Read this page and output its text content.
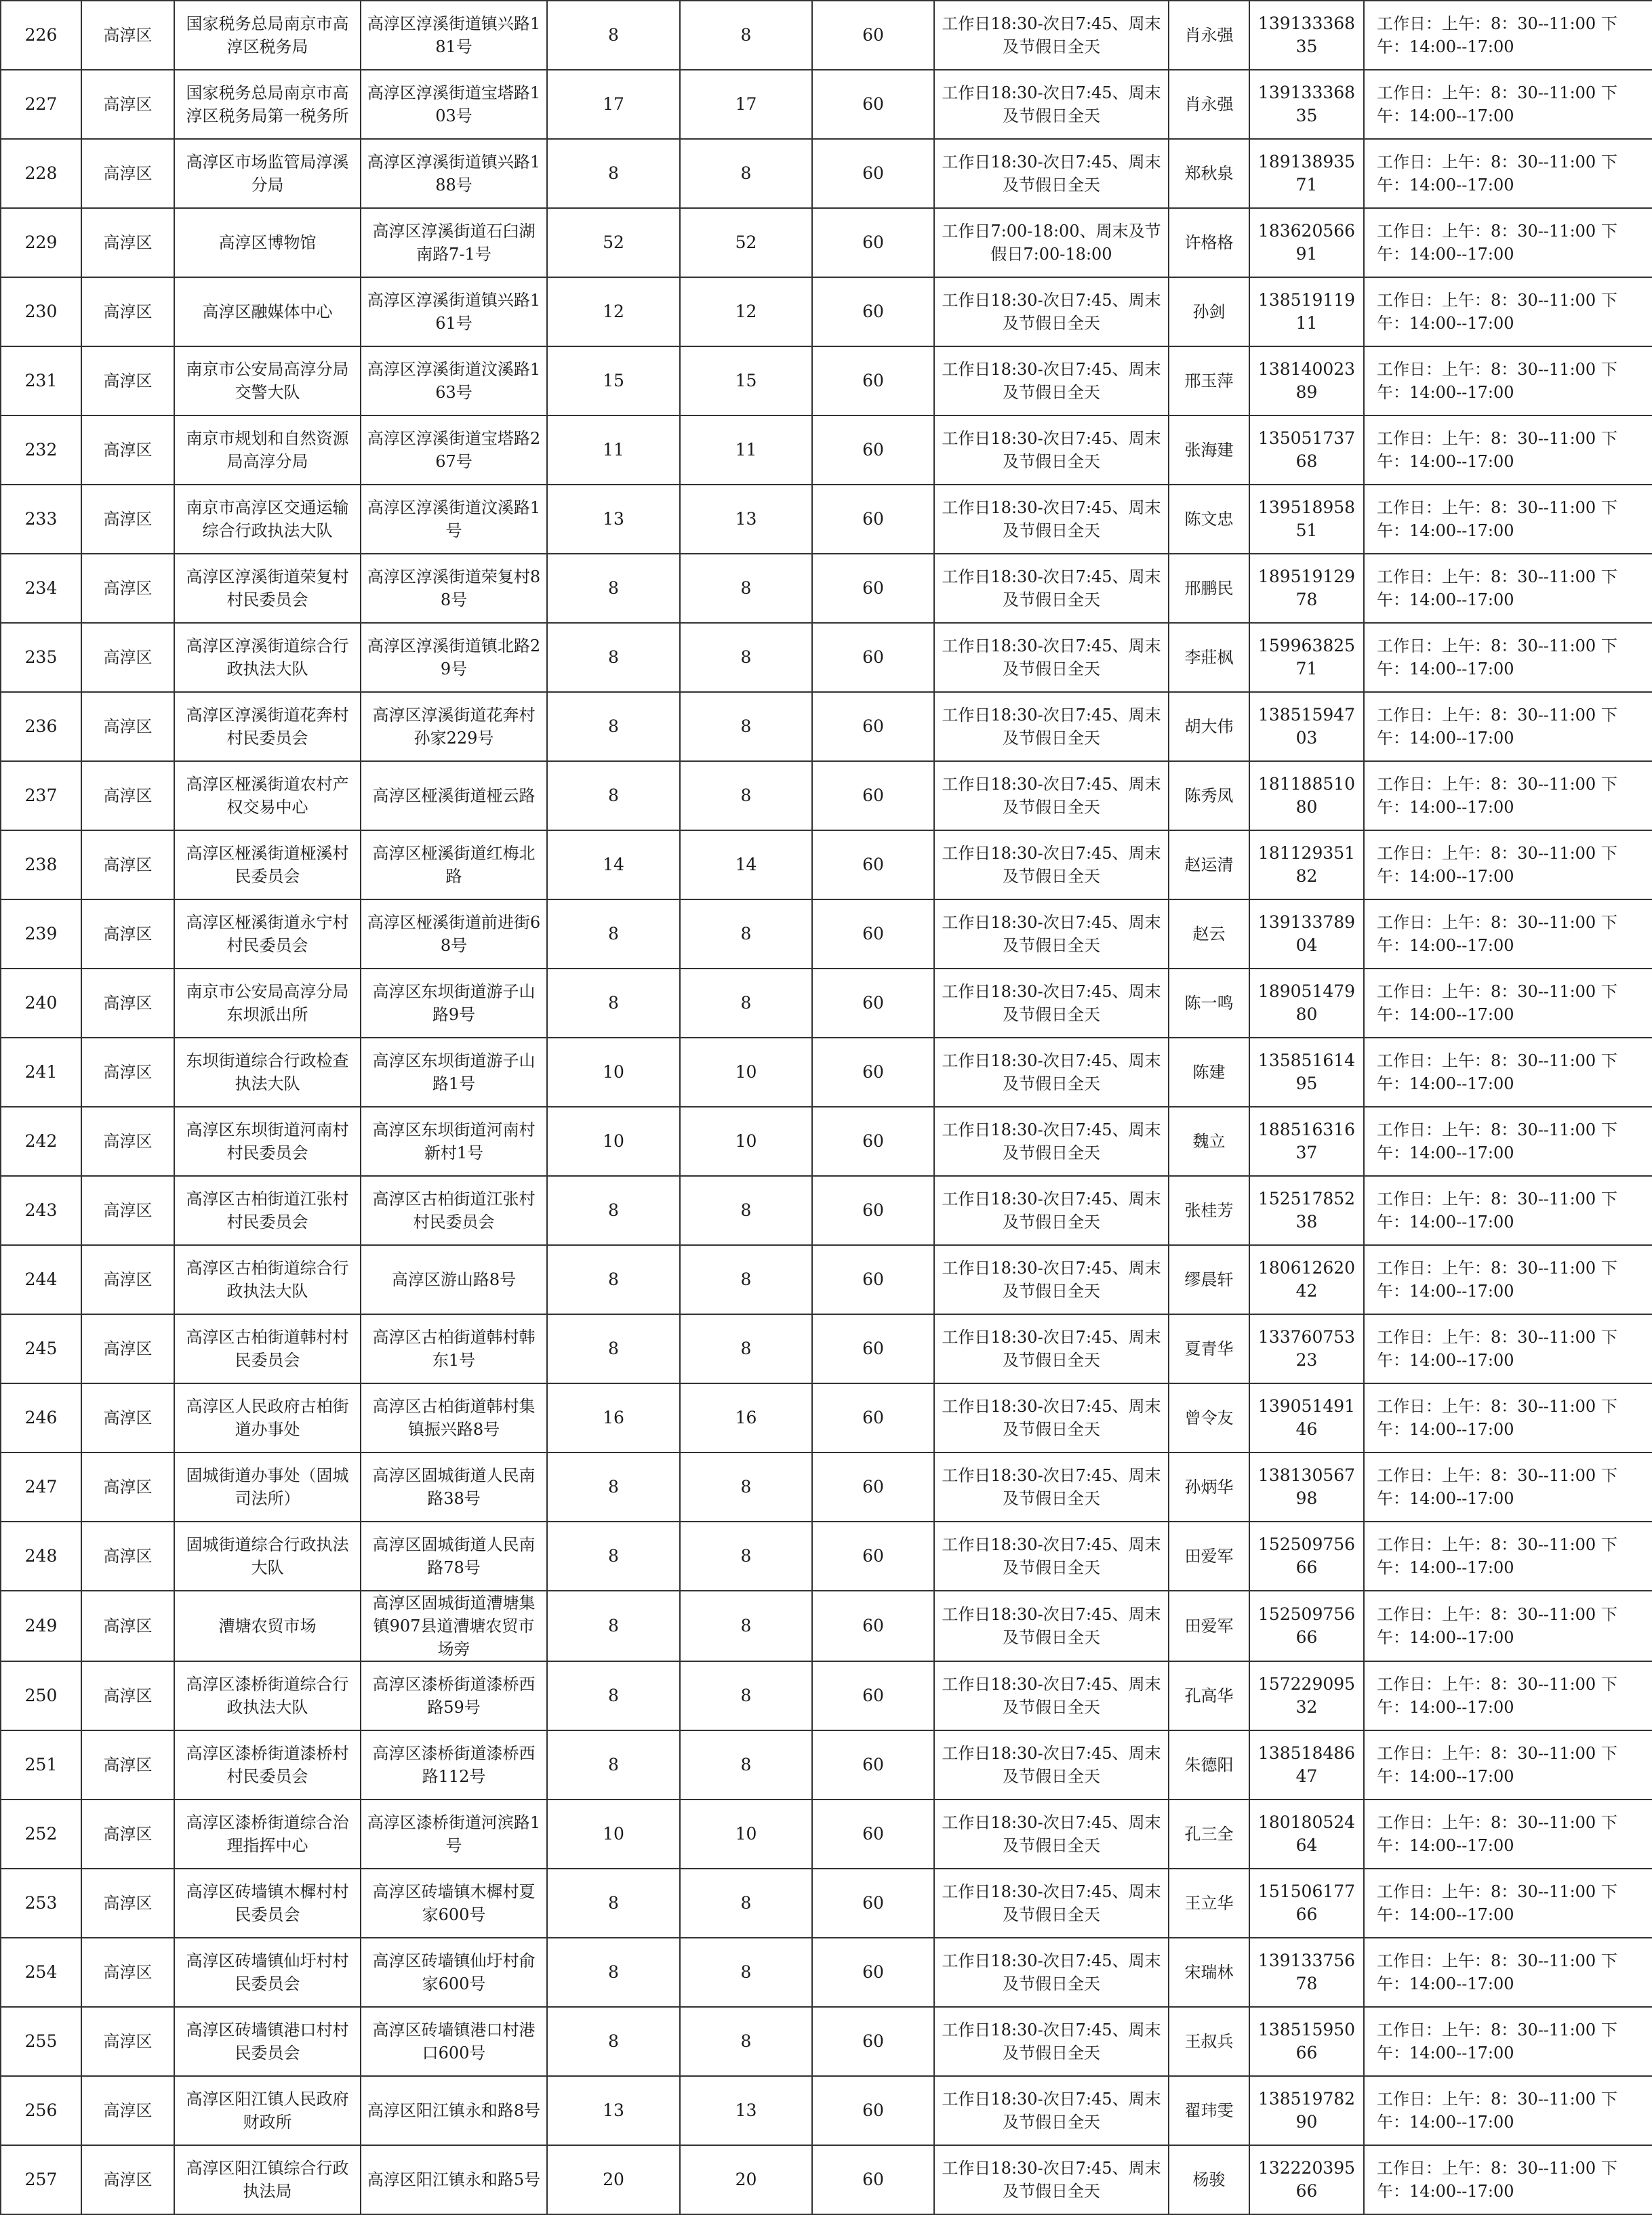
226	高淳区	国家税务总局南京市高淳区税务局	高淳区淳溪街道镇兴路181号	8	8	60	工作日18:30-次日7:45、周末及节假日全天	肖永强	13913336835	工作日：上午：8：30--11:00 下午：14:00--17:00
227	高淳区	国家税务总局南京市高淳区税务局第一税务所	高淳区淳溪街道宝塔路103号	17	17	60	工作日18:30-次日7:45、周末及节假日全天	肖永强	13913336835	工作日：上午：8：30--11:00 下午：14:00--17:00
228	高淳区	高淳区市场监管局淳溪分局	高淳区淳溪街道镇兴路188号	8	8	60	工作日18:30-次日7:45、周末及节假日全天	郑秋泉	18913893571	工作日：上午：8：30--11:00 下午：14:00--17:00
229	高淳区	高淳区博物馆	高淳区淳溪街道石臼湖南路7-1号	52	52	60	工作日7:00-18:00、周末及节假日7:00-18:00	许格格	18362056691	工作日：上午：8：30--11:00 下午：14:00--17:00
230	高淳区	高淳区融媒体中心	高淳区淳溪街道镇兴路161号	12	12	60	工作日18:30-次日7:45、周末及节假日全天	孙剑	13851911911	工作日：上午：8：30--11:00 下午：14:00--17:00
231	高淳区	南京市公安局高淳分局交警大队	高淳区淳溪街道汶溪路163号	15	15	60	工作日18:30-次日7:45、周末及节假日全天	邢玉萍	13814002389	工作日：上午：8：30--11:00 下午：14:00--17:00
232	高淳区	南京市规划和自然资源局高淳分局	高淳区淳溪街道宝塔路267号	11	11	60	工作日18:30-次日7:45、周末及节假日全天	张海建	13505173768	工作日：上午：8：30--11:00 下午：14:00--17:00
233	高淳区	南京市高淳区交通运输综合行政执法大队	高淳区淳溪街道汶溪路1号	13	13	60	工作日18:30-次日7:45、周末及节假日全天	陈文忠	13951895851	工作日：上午：8：30--11:00 下午：14:00--17:00
234	高淳区	高淳区淳溪街道荣复村村民委员会	高淳区淳溪街道荣复村88号	8	8	60	工作日18:30-次日7:45、周末及节假日全天	邢鹏民	18951912978	工作日：上午：8：30--11:00 下午：14:00--17:00
235	高淳区	高淳区淳溪街道综合行政执法大队	高淳区淳溪街道镇北路29号	8	8	60	工作日18:30-次日7:45、周末及节假日全天	李莊枫	15996382571	工作日：上午：8：30--11:00 下午：14:00--17:00
236	高淳区	高淳区淳溪街道花奔村村民委员会	高淳区淳溪街道花奔村孙家229号	8	8	60	工作日18:30-次日7:45、周末及节假日全天	胡大伟	13851594703	工作日：上午：8：30--11:00 下午：14:00--17:00
237	高淳区	高淳区桠溪街道农村产权交易中心	高淳区桠溪街道桠云路	8	8	60	工作日18:30-次日7:45、周末及节假日全天	陈秀凤	18118851080	工作日：上午：8：30--11:00 下午：14:00--17:00
238	高淳区	高淳区桠溪街道桠溪村民委员会	高淳区桠溪街道红梅北路	14	14	60	工作日18:30-次日7:45、周末及节假日全天	赵运清	18112935182	工作日：上午：8：30--11:00 下午：14:00--17:00
239	高淳区	高淳区桠溪街道永宁村村民委员会	高淳区桠溪街道前进街68号	8	8	60	工作日18:30-次日7:45、周末及节假日全天	赵云	13913378904	工作日：上午：8：30--11:00 下午：14:00--17:00
240	高淳区	南京市公安局高淳分局东坝派出所	高淳区东坝街道游子山路9号	8	8	60	工作日18:30-次日7:45、周末及节假日全天	陈一鸣	18905147980	工作日：上午：8：30--11:00 下午：14:00--17:00
241	高淳区	东坝街道综合行政检查执法大队	高淳区东坝街道游子山路1号	10	10	60	工作日18:30-次日7:45、周末及节假日全天	陈建	13585161495	工作日：上午：8：30--11:00 下午：14:00--17:00
242	高淳区	高淳区东坝街道河南村村民委员会	高淳区东坝街道河南村新村1号	10	10	60	工作日18:30-次日7:45、周末及节假日全天	魏立	18851631637	工作日：上午：8：30--11:00 下午：14:00--17:00
243	高淳区	高淳区古柏街道江张村村民委员会	高淳区古柏街道江张村村民委员会	8	8	60	工作日18:30-次日7:45、周末及节假日全天	张桂芳	15251785238	工作日：上午：8：30--11:00 下午：14:00--17:00
244	高淳区	高淳区古柏街道综合行政执法大队	高淳区游山路8号	8	8	60	工作日18:30-次日7:45、周末及节假日全天	缪晨轩	18061262042	工作日：上午：8：30--11:00 下午：14:00--17:00
245	高淳区	高淳区古柏街道韩村村民委员会	高淳区古柏街道韩村韩东1号	8	8	60	工作日18:30-次日7:45、周末及节假日全天	夏青华	13376075323	工作日：上午：8：30--11:00 下午：14:00--17:00
246	高淳区	高淳区人民政府古柏街道办事处	高淳区古柏街道韩村集镇振兴路8号	16	16	60	工作日18:30-次日7:45、周末及节假日全天	曾令友	13905149146	工作日：上午：8：30--11:00 下午：14:00--17:00
247	高淳区	固城街道办事处（固城司法所）	高淳区固城街道人民南路38号	8	8	60	工作日18:30-次日7:45、周末及节假日全天	孙炳华	13813056798	工作日：上午：8：30--11:00 下午：14:00--17:00
248	高淳区	固城街道综合行政执法大队	高淳区固城街道人民南路78号	8	8	60	工作日18:30-次日7:45、周末及节假日全天	田爱军	15250975666	工作日：上午：8：30--11:00 下午：14:00--17:00
249	高淳区	漕塘农贸市场	高淳区固城街道漕塘集镇907县道漕塘农贸市场旁	8	8	60	工作日18:30-次日7:45、周末及节假日全天	田爱军	15250975666	工作日：上午：8：30--11:00 下午：14:00--17:00
250	高淳区	高淳区漆桥街道综合行政执法大队	高淳区漆桥街道漆桥西路59号	8	8	60	工作日18:30-次日7:45、周末及节假日全天	孔高华	15722909532	工作日：上午：8：30--11:00 下午：14:00--17:00
251	高淳区	高淳区漆桥街道漆桥村村民委员会	高淳区漆桥街道漆桥西路112号	8	8	60	工作日18:30-次日7:45、周末及节假日全天	朱德阳	13851848647	工作日：上午：8：30--11:00 下午：14:00--17:00
252	高淳区	高淳区漆桥街道综合治理指挥中心	高淳区漆桥街道河滨路1号	10	10	60	工作日18:30-次日7:45、周末及节假日全天	孔三全	18018052464	工作日：上午：8：30--11:00 下午：14:00--17:00
253	高淳区	高淳区砖墙镇木樨村村民委员会	高淳区砖墙镇木樨村夏家600号	8	8	60	工作日18:30-次日7:45、周末及节假日全天	王立华	15150617766	工作日：上午：8：30--11:00 下午：14:00--17:00
254	高淳区	高淳区砖墙镇仙圩村村民委员会	高淳区砖墙镇仙圩村俞家600号	8	8	60	工作日18:30-次日7:45、周末及节假日全天	宋瑞林	13913375678	工作日：上午：8：30--11:00 下午：14:00--17:00
255	高淳区	高淳区砖墙镇港口村村民委员会	高淳区砖墙镇港口村港口600号	8	8	60	工作日18:30-次日7:45、周末及节假日全天	王叔兵	13851595066	工作日：上午：8：30--11:00 下午：14:00--17:00
256	高淳区	高淳区阳江镇人民政府财政所	高淳区阳江镇永和路8号	13	13	60	工作日18:30-次日7:45、周末及节假日全天	翟玮雯	13851978290	工作日：上午：8：30--11:00 下午：14:00--17:00
257	高淳区	高淳区阳江镇综合行政执法局	高淳区阳江镇永和路5号	20	20	60	工作日18:30-次日7:45、周末及节假日全天	杨骏	13222039566	工作日：上午：8：30--11:00 下午：14:00--17:00
